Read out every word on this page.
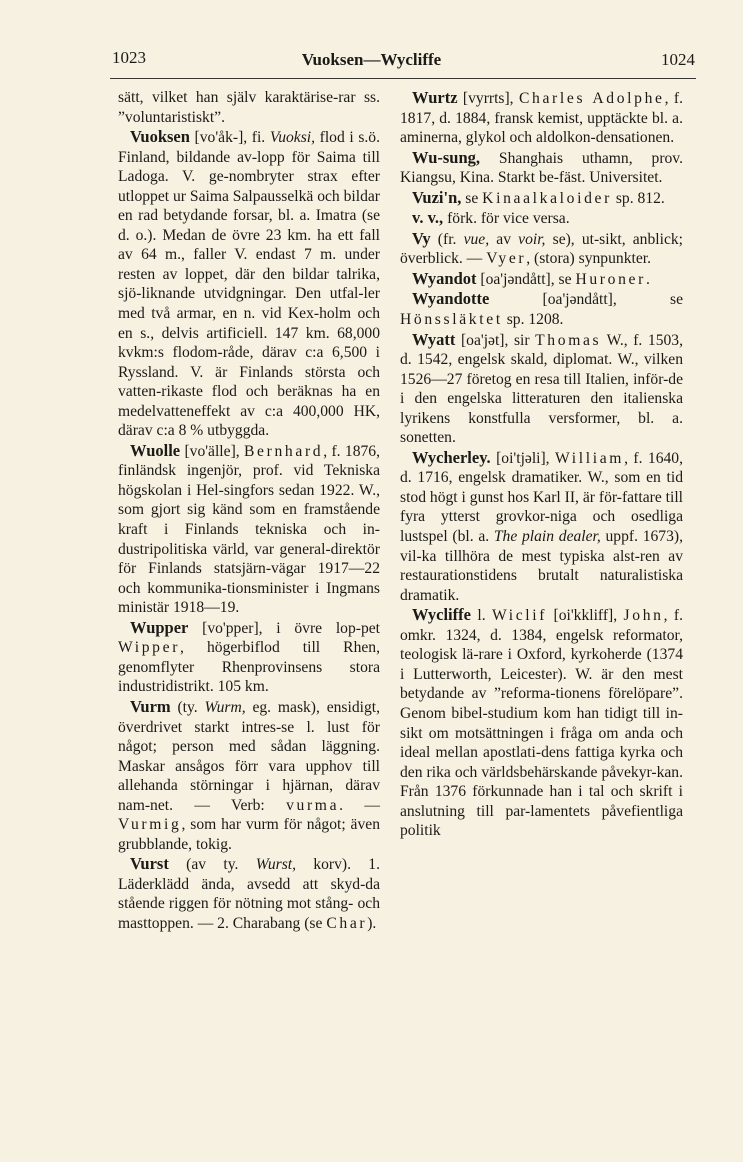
1023	Vuoksen—Wycliffe	1024

sätt, vilket han själv karaktärise-rar ss. ”voluntaristiskt”.

Vuoksen [vo'åk-], fi. Vuoksi, flod i s.ö. Finland, bildande av-lopp för Saima till Ladoga. V. ge-nombryter strax efter utloppet ur Saima Salpausselkä och bildar en rad betydande forsar, bl. a. Imatra (se d. o.). Medan de övre 23 km. ha ett fall av 64 m., faller V. endast 7 m. under resten av loppet, där den bildar talrika, sjö-liknande utvidgningar. Den utfal-ler med två armar, en n. vid Kex-holm och en s., delvis artificiell. 147 km. 68,000 kvkm:s flodom-råde, därav c:a 6,500 i Ryssland. V. är Finlands största och vatten-rikaste flod och beräknas ha en medelvatteneffekt av c:a 400,000 HK, därav c:a 8 % utbyggda.

Wuolle [vo'älle], Bernhard, f. 1876, finländsk ingenjör, prof. vid Tekniska högskolan i Hel-singfors sedan 1922. W., som gjort sig känd som en framstående kraft i Finlands tekniska och in-dustripolitiska värld, var general-direktör för Finlands statsjärn-vägar 1917—22 och kommunika-tionsminister i Ingmans ministär 1918—19.

Wupper [vo'pper], i övre lop-pet Wipper, högerbiflod till Rhen, genomflyter Rhenprovinsens stora industridistrikt. 105 km.

Vurm (ty. Wurm, eg. mask), ensidigt, överdrivet starkt intres-se l. lust för något; person med sådan läggning. Maskar ansågos förr vara upphov till allehanda störningar i hjärnan, därav nam-net. — Verb: vurma. — Vurmig, som har vurm för något; även grubblande, tokig.

Vurst (av ty. Wurst, korv). 1. Läderklädd ända, avsedd att skyd-da stående riggen för nötning mot stång- och masttoppen. — 2. Charabang (se Char).

Wurtz [vyrrts], Charles Adolphe, f. 1817, d. 1884, fransk kemist, upptäckte bl. a. aminerna, glykol och aldolkon-densationen.

Wu-sung, Shanghais uthamn, prov. Kiangsu, Kina. Starkt be-fäst. Universitet.

Vuzi'n, se Kinaalkaloider sp. 812.

v. v., förk. för vice versa.

Vy (fr. vue, av voir, se), ut-sikt, anblick; överblick. — Vyer, (stora) synpunkter.

Wyandot [oa'jəndått], se Huroner.

Wyandotte [oa'jəndått], se Hönssläktet sp. 1208.

Wyatt [oa'jət], sir Thomas W., f. 1503, d. 1542, engelsk skald, diplomat. W., vilken 1526—27 företog en resa till Italien, inför-de i den engelska litteraturen den italienska lyrikens konstfulla versformer, bl. a. sonetten.

Wycherley. [oi'tjəli], William, f. 1640, d. 1716, engelsk dramatiker. W., som en tid stod högt i gunst hos Karl II, är för-fattare till fyra ytterst grovkor-niga och osedliga lustspel (bl. a. The plain dealer, uppf. 1673), vil-ka tillhöra de mest typiska alst-ren av restaurationstidens brutalt naturalistiska dramatik.

Wycliffe l. Wiclif [oi'kkliff], John, f. omkr. 1324, d. 1384, engelsk reformator, teologisk lä-rare i Oxford, kyrkoherde (1374 i Lutterworth, Leicester). W. är den mest betydande av ”reforma-tionens förelöpare”. Genom bibel-studium kom han tidigt till in-sikt om motsättningen i fråga om anda och ideal mellan apostlati-dens fattiga kyrka och den rika och världsbehärskande påvekyr-kan. Från 1376 förkunnade han i tal och skrift i anslutning till par-lamentets påvefientliga politik
